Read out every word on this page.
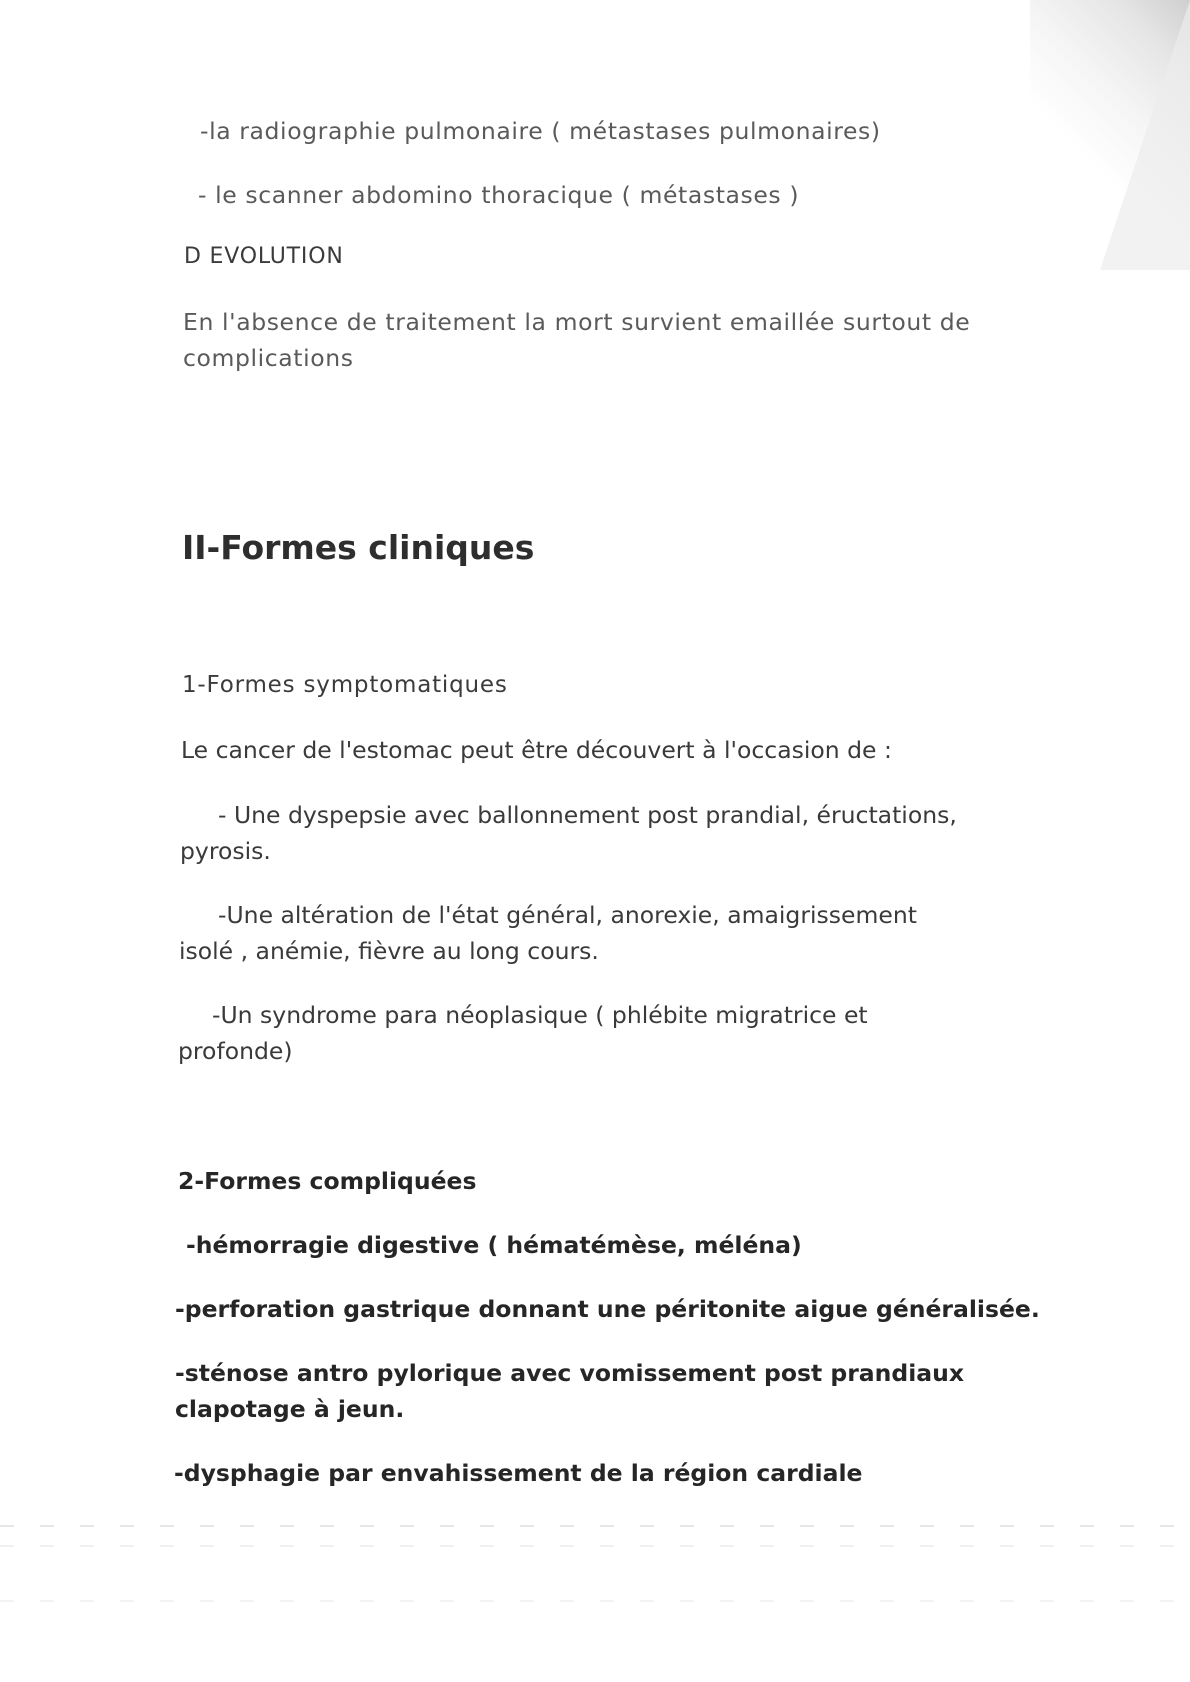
-la radiographie pulmonaire ( métastases pulmonaires)
- le scanner abdomino thoracique ( métastases )
D EVOLUTION
En l'absence de traitement la mort survient emaillée surtout de
complications
II-Formes cliniques
1-Formes symptomatiques
Le cancer de l'estomac peut être découvert à l'occasion de :
- Une dyspepsie avec ballonnement post prandial, éructations,
pyrosis.
-Une altération de l'état général, anorexie, amaigrissement
isolé , anémie, fièvre au long cours.
-Un syndrome para néoplasique ( phlébite migratrice et
profonde)
2-Formes compliquées
-hémorragie digestive ( hématémèse, méléna)
-perforation gastrique donnant une péritonite aigue généralisée.
-sténose antro pylorique avec vomissement post prandiaux
clapotage à jeun.
-dysphagie par envahissement de la région cardiale
